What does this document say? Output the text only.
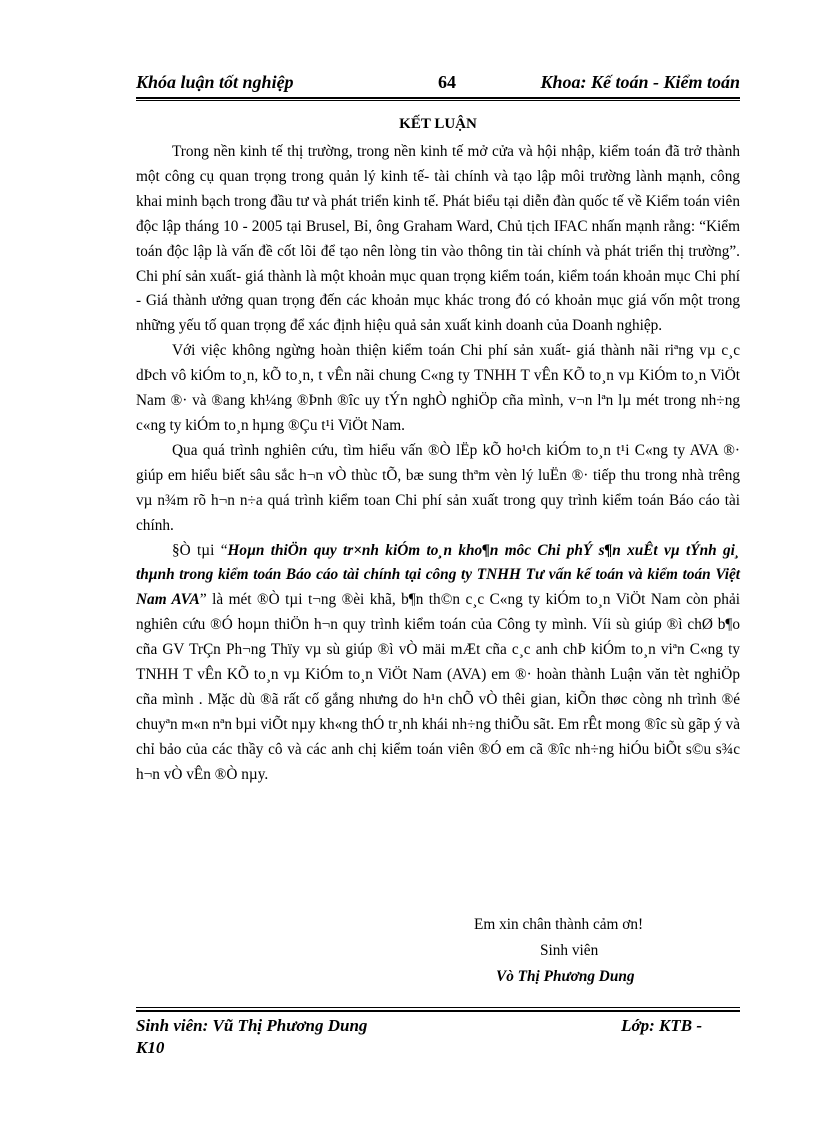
Khóa luận tốt nghiệp	64	Khoa: Kế toán - Kiểm toán
KẾT LUẬN

Trong nền kinh tế thị trường, trong nền kinh tế mở cửa và hội nhập, kiểm toán đã trở thành một công cụ quan trọng trong quản lý kinh tế- tài chính và tạo lập môi trường lành mạnh, công khai minh bạch trong đầu tư và phát triển kinh tế. Phát biểu tại diễn đàn quốc tế về Kiểm toán viên độc lập tháng 10 - 2005 tại Brusel, Bỉ, ông Graham Ward, Chủ tịch IFAC nhấn mạnh rằng: “Kiểm toán độc lập là vấn đề cốt lõi để tạo nên lòng tin vào thông tin tài chính và phát triển thị trường”. Chi phí sản xuất- giá thành là một khoản mục quan trọng kiểm toán, kiểm toán khoản mục Chi phí - Giá thành ưởng quan trọng đến các khoản mục khác trong đó có khoản mục giá vốn một trong những yếu tố quan trọng để xác định hiệu quả sản xuất kinh doanh của Doanh nghiệp.

Với việc không ngừng hoàn thiện kiểm toán Chi phí sản xuất- giá thành nãi riªng vµ c¸c dÞch vô kiÓm to¸n, kÕ to¸n, t vÊn nãi chung C«ng ty TNHH T vÊn KÕ to¸n vµ KiÓm to¸n ViÖt Nam ®· và ®ang kh¼ng ®Þnh ®îc uy tÝn nghÒ nghiÖp cña mình, v¬n lªn lµ mét trong nh÷ng c«ng ty kiÓm to¸n hµng ®Çu t¹i ViÖt Nam.

Qua quá trình nghiên cứu, tìm hiểu vấn ®Ò lËp kÕ ho¹ch kiÓm to¸n t¹i C«ng ty AVA ®· giúp em hiểu biết sâu sắc h¬n vÒ thùc tÕ, bæ sung thªm vèn lý luËn ®· tiếp thu trong nhà trêng vµ n¾m rõ h¬n n÷a quá trình kiểm toan Chi phí sản xuất trong quy trình kiểm toán Báo cáo tài chính.

§Ò tµi “Hoµn thiÖn quy tr×nh kiÓm to¸n kho¶n môc Chi phÝ s¶n xuÊt vµ tÝnh gi¸ thµnh trong kiểm toán Báo cáo tài chính tại công ty TNHH Tư vấn kế toán và kiểm toán Việt Nam AVA” là mét ®Ò tµi t¬ng ®èi khã, b¶n th©n c¸c C«ng ty kiÓm to¸n ViÖt Nam còn phải nghiên cứu ®Ó hoµn thiÖn h¬n quy trình kiểm toán của Công ty mình. Víi sù giúp ®ì chØ b¶o cña GV TrÇn Ph¬ng Thïy vµ sù giúp ®ì vÒ mäi mÆt cña c¸c anh chÞ kiÓm to¸n viªn C«ng ty TNHH T vÊn KÕ to¸n vµ KiÓm to¸n ViÖt Nam (AVA) em ®· hoàn thành Luận văn tèt nghiÖp cña mình . Mặc dù ®ã rất cố gắng nhưng do h¹n chÕ vÒ thêi gian, kiÕn thøc còng nh trình ®é chuyªn m«n nªn bµi viÕt nµy kh«ng thÓ tr¸nh khái nh÷ng thiÕu sãt. Em rÊt mong ®îc sù gãp ý và chỉ bảo của các thầy cô và các anh chị kiểm toán viên ®Ó em cã ®îc nh÷ng hiÓu biÕt s©u s¾c h¬n vÒ vÊn ®Ò nµy.

Em xin chân thành cảm ơn!
Sinh viên
Vò Thị Phương Dung
Sinh viên: Vũ Thị Phương Dung	Lớp: KTB -
K10
